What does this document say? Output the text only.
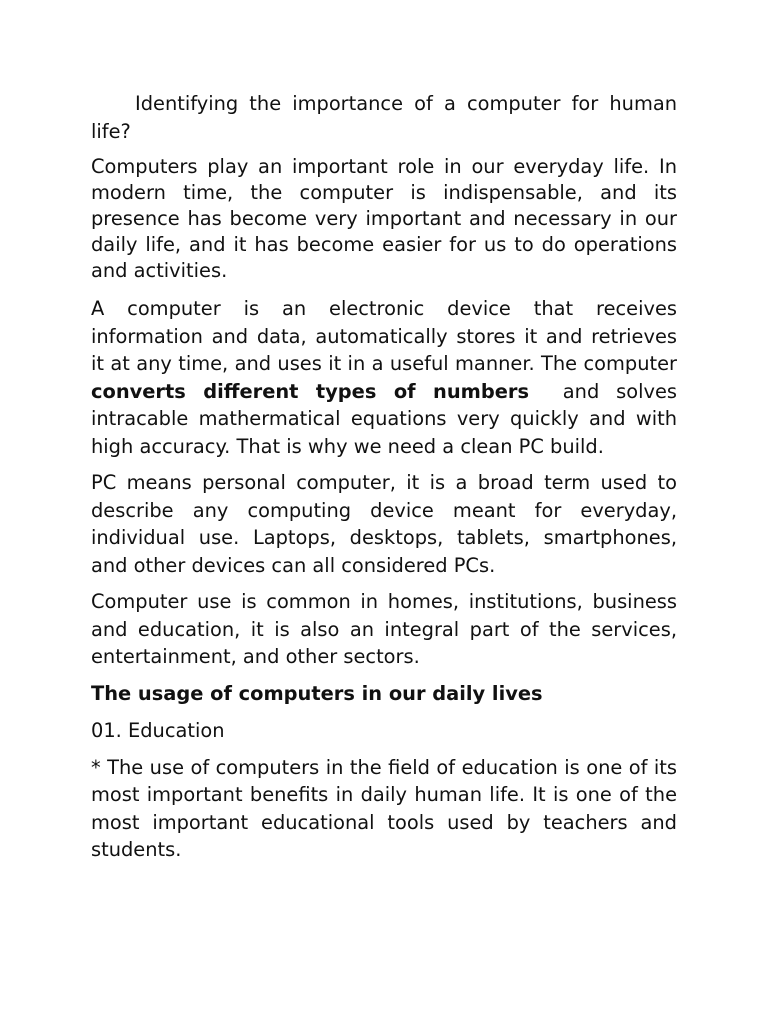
Identifying the importance of a computer for human life?

Computers play an important role in our everyday life. In modern time, the computer is indispensable, and its presence has become very important and necessary in our daily life, and it has become easier for us to do operations and activities.

A computer is an electronic device that receives information and data, automatically stores it and retrieves it at any time, and uses it in a useful manner. The computer converts different types of numbers  and solves intracable mathermatical equations very quickly and with high accuracy. That is why we need a clean PC build.

PC means personal computer, it is a broad term used to describe any computing device meant for everyday, individual use. Laptops, desktops, tablets, smartphones, and other devices can all considered PCs.

Computer use is common in homes, institutions, business and education, it is also an integral part of the services, entertainment, and other sectors.

The usage of computers in our daily lives

01. Education

* The use of computers in the field of education is one of its most important benefits in daily human life. It is one of the most important educational tools used by teachers and students.
